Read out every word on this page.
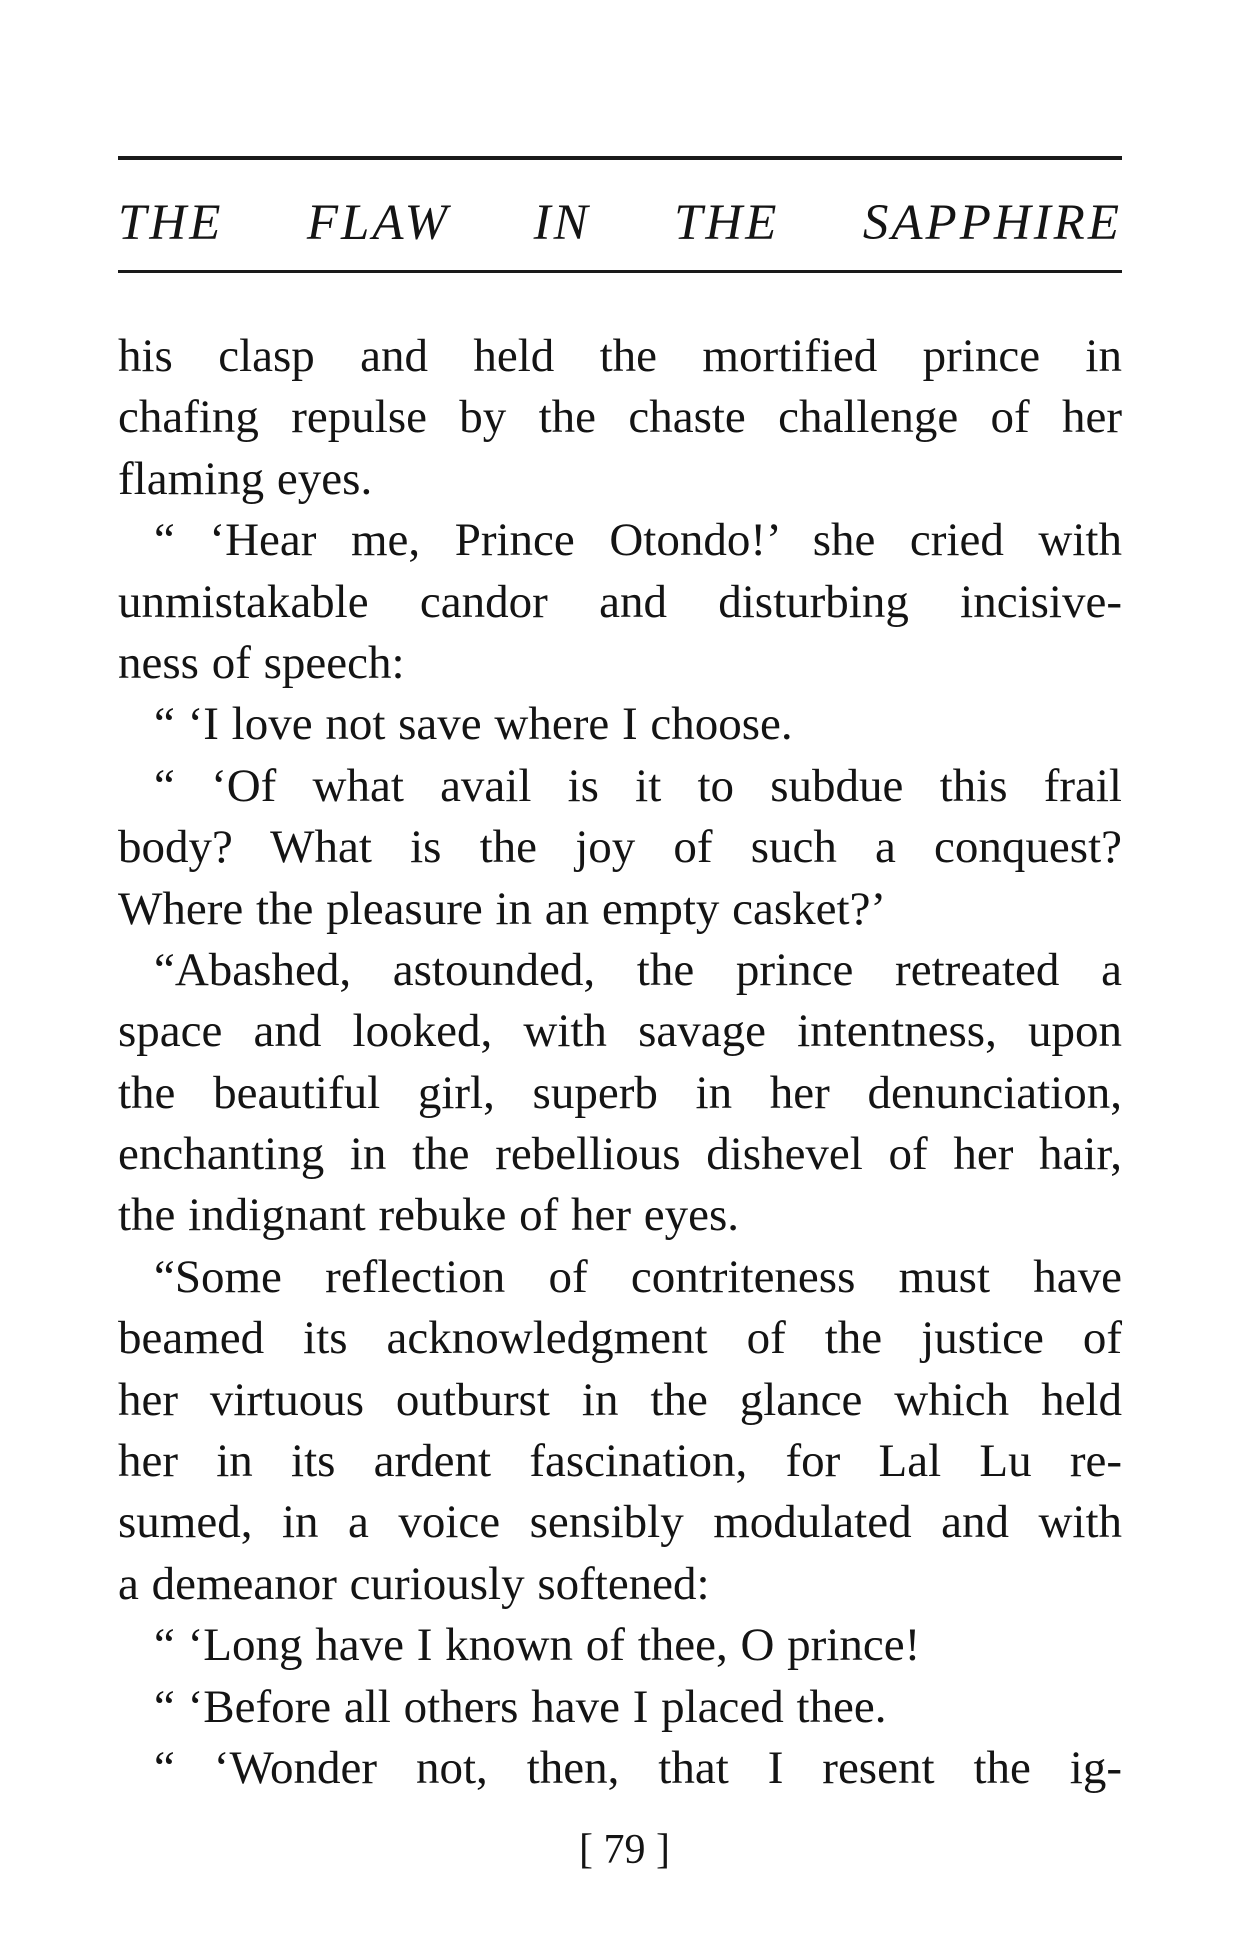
THE FLAW IN THE SAPPHIRE
his clasp and held the mortified prince in
chafing repulse by the chaste challenge of her
flaming eyes.
“ ‘Hear me, Prince Otondo!’ she cried with
unmistakable candor and disturbing incisive-
ness of speech:
“ ‘I love not save where I choose.
“ ‘Of what avail is it to subdue this frail
body? What is the joy of such a conquest?
Where the pleasure in an empty casket?’
“Abashed, astounded, the prince retreated a
space and looked, with savage intentness, upon
the beautiful girl, superb in her denunciation,
enchanting in the rebellious dishevel of her hair,
the indignant rebuke of her eyes.
“Some reflection of contriteness must have
beamed its acknowledgment of the justice of
her virtuous outburst in the glance which held
her in its ardent fascination, for Lal Lu re-
sumed, in a voice sensibly modulated and with
a demeanor curiously softened:
“ ‘Long have I known of thee, O prince!
“ ‘Before all others have I placed thee.
“ ‘Wonder not, then, that I resent the ig-
[ 79 ]
